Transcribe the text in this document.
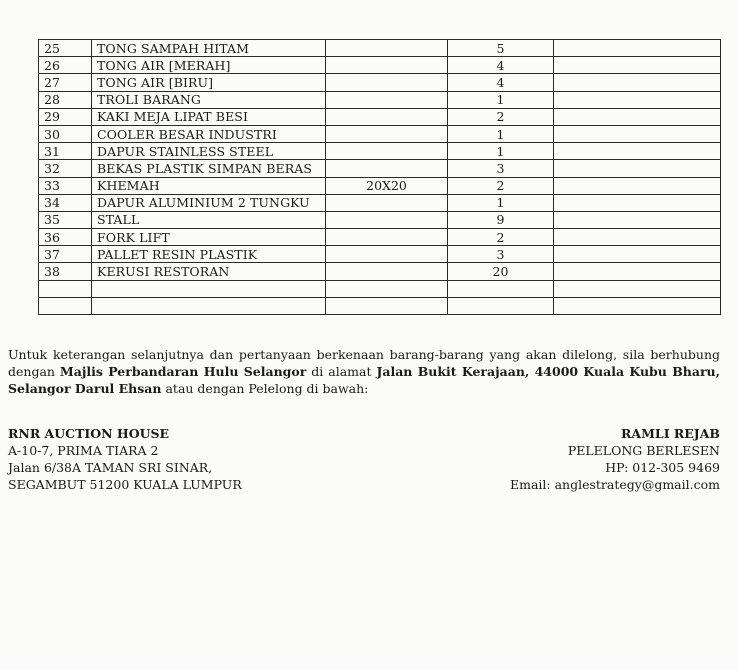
25	TONG SAMPAH HITAM		5	
26	TONG AIR [MERAH]		4	
27	TONG AIR [BIRU]		4	
28	TROLI BARANG		1	
29	KAKI MEJA LIPAT BESI		2	
30	COOLER BESAR INDUSTRI		1	
31	DAPUR STAINLESS STEEL		1	
32	BEKAS PLASTIK SIMPAN BERAS		3	
33	KHEMAH	20X20	2	
34	DAPUR ALUMINIUM 2 TUNGKU		1	
35	STALL		9	
36	FORK LIFT		2	
37	PALLET RESIN PLASTIK		3	
38	KERUSI RESTORAN		20	

Untuk keterangan selanjutnya dan pertanyaan berkenaan barang-barang yang akan dilelong, sila berhubung dengan Majlis Perbandaran Hulu Selangor di alamat Jalan Bukit Kerajaan, 44000 Kuala Kubu Bharu, Selangor Darul Ehsan atau dengan Pelelong di bawah:

RNR AUCTION HOUSE
A-10-7, PRIMA TIARA 2
Jalan 6/38A TAMAN SRI SINAR,
SEGAMBUT 51200 KUALA LUMPUR
RAMLI REJAB
PELELONG BERLESEN
HP: 012-305 9469
Email: anglestrategy@gmail.com
